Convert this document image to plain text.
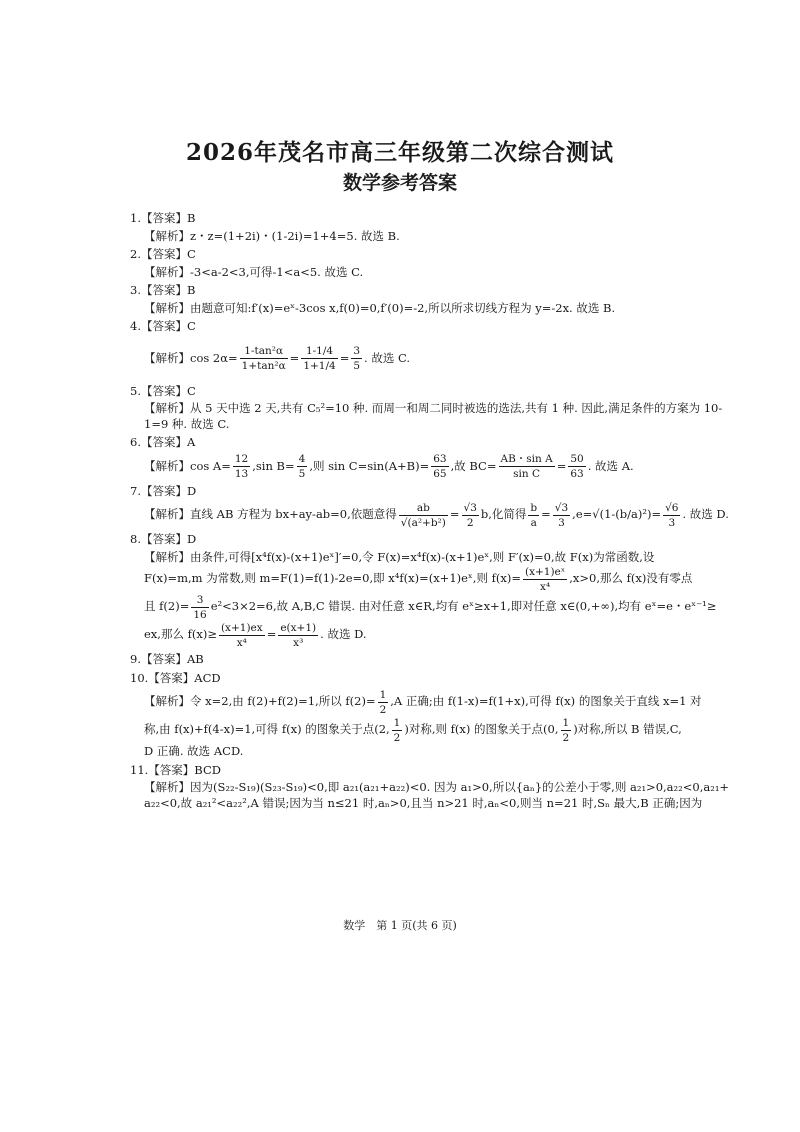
2026年茂名市高三年级第二次综合测试
数学参考答案
1.【答案】B
【解析】z・z=(1+2i)・(1-2i)=1+4=5. 故选 B.
2.【答案】C
【解析】-3<a-2<3,可得-1<a<5. 故选 C.
3.【答案】B
【解析】由题意可知:f′(x)=eˣ-3cos x,f(0)=0,f′(0)=-2,所以所求切线方程为 y=-2x. 故选 B.
4.【答案】C
【解析】$\cos 2\alpha= \frac{\text{1-tan²α}}{\text{1+tan²α}} = \frac{1-1/4}{1+1/4} = \frac{3}{5}$ . 故选 C.
5.【答案】C
【解析】从 5 天中选 2 天,共有 C₅²=10 种. 而周一和周二同时被选的选法,共有 1 种. 因此,满足条件的方案为 10-
1=9 种. 故选 C.
6.【答案】A
【解析】$\cos A= \frac{12}{13} ,\sin$ $B= \frac{4}{5}$ ,则 $\sin C=\sin(A+B)= \frac{63}{65}$ ,故 $BC= \frac{\text{AB・sin A}}{\text{sin C}} = \frac{50}{63}$ . 故选 A.
7.【答案】D
【解析】直线 AB 方程为 bx+ay-ab=0,依题意得 $\frac{ab}{\text{√(a²+b²)}} = \frac{√3}{2} b$,化简得 $\frac{b}{a} = \frac{√3}{3} ,e=√(1-(b/a)^2)= \frac{√6}{3}$ . 故选 D.
8.【答案】D
【解析】由条件,可得[x⁴f(x)-(x+1)eˣ]′=0,令 F(x)=x⁴f(x)-(x+1)eˣ,则 F′(x)=0,故 F(x)为常函数,设
F(x)=m,m 为常数,则 m=F(1)=f(1)-2e=0,即 x⁴f(x)=(x+1)eˣ,则 $f(x)= \frac{\text{(x+1)eˣ}}{\text{x⁴}} ,x>0$,那么 f(x)没有零点
且 $f(2)= \frac{3}{16} e^2<3\times 2=6$,故 A,B,C 错误. 由对任意 x∈R,均有 eˣ≥x+1,即对任意 x∈(0,+∞),均有 eˣ=e・eˣ⁻¹≥
ex,那么 $f(x)\ge \frac{(x+1)ex}{\text{x⁴}} = \frac{e(x+1)}{\text{x³}}$ . 故选 D.
9.【答案】AB
10.【答案】ACD
【解析】令 x=2,由 f(2)+f(2)=1,所以 $f(2)= \frac{1}{2} ,A$ 正确;由 f(1-x)=f(1+x),可得 f(x) 的图象关于直线 x=1 对
称,由 f(x)+f(4-x)=1,可得 f(x) 的图象关于点(2, $\frac{1}{2}$ )对称,则 f(x) 的图象关于点(0, $\frac{1}{2}$ )对称,所以 B 错误,C,
D 正确. 故选 ACD.
11.【答案】BCD
【解析】因为(S₂₂-S₁₉)(S₂₃-S₁₉)<0,即 a₂₁(a₂₁+a₂₂)<0. 因为 a₁>0,所以{aₙ}的公差小于零,则 a₂₁>0,a₂₂<0,a₂₁+
a₂₂<0,故 a₂₁²<a₂₂²,A 错误;因为当 n≤21 时,aₙ>0,且当 n>21 时,aₙ<0,则当 n=21 时,Sₙ 最大,B 正确;因为
数学　第 1 页(共 6 页)
